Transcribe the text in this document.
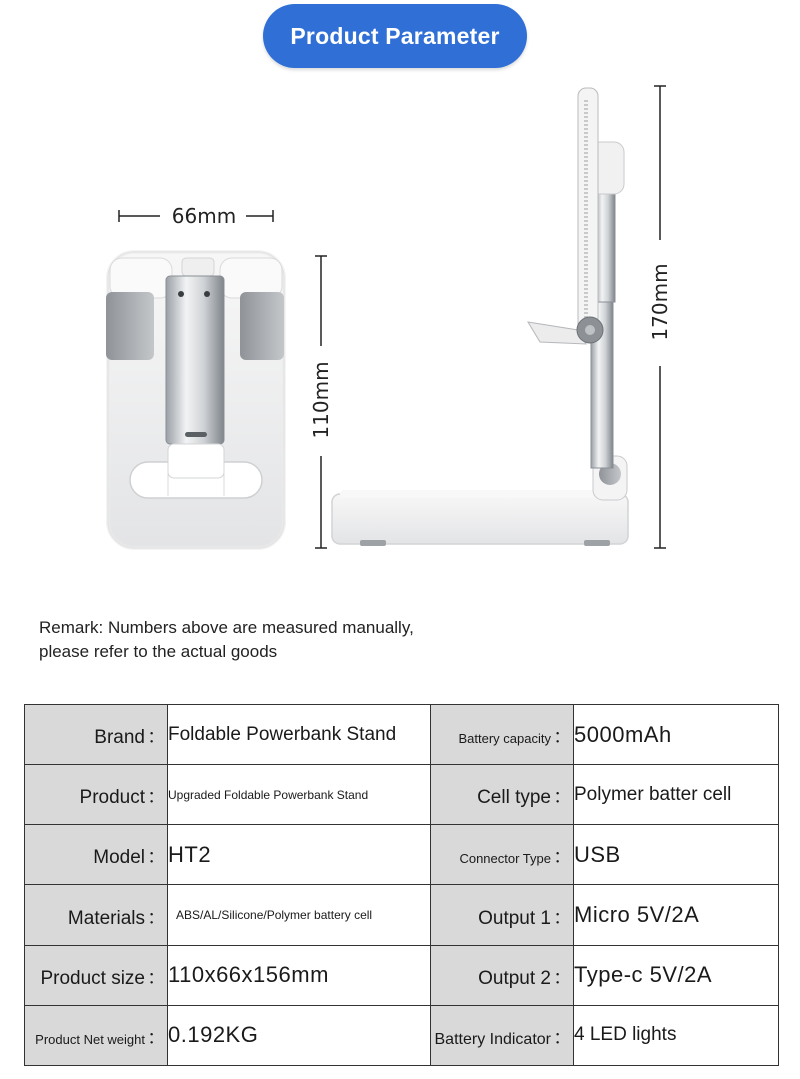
Product Parameter
66mm
110mm
170mm
Remark: Numbers above are measured manually,
please refer to the actual goods
Brand ：	Foldable Powerbank Stand	Battery capacity ：	5000mAh
Product ：	Upgraded Foldable Powerbank Stand	Cell type ：	Polymer batter cell
Model ：	HT2	Connector Type ：	USB
Materials ：	ABS/AL/Silicone/Polymer battery cell	Output 1 ：	Micro 5V/2A
Product size ：	110x66x156mm	Output 2 ：	Type-c 5V/2A
Product Net weight ：	0.192KG	Battery Indicator ：	4 LED lights
